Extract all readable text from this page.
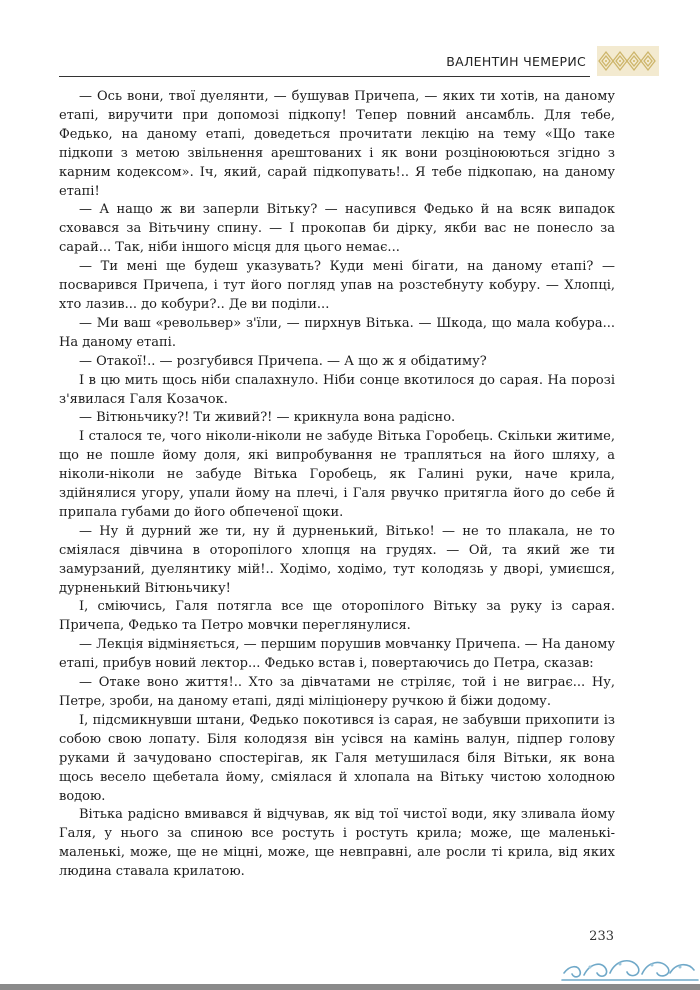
ВАЛЕНТИН ЧЕМЕРИС

— Ось вони, твої дуелянти, — бушував Причепа, — яких ти хотів, на даному етапі, виручити при допомозі підкопу! Тепер повний ансамбль. Для тебе, Федько, на даному етапі, доведеться прочитати лекцію на тему «Що таке підкопи з метою звільнення арештованих і як вони розціноюються згідно з карним кодексом». Іч, який, сарай підкопувать!.. Я тебе підкопаю, на даному етапі!

— А нащо ж ви заперли Вітьку? — насупився Федько й на всяк випадок сховався за Вітьчину спину. — І прокопав би дірку, якби вас не понесло за сарай... Так, ніби іншого місця для цього немає...

— Ти мені ще будеш указувать? Куди мені бігати, на даному етапі? — посварився Причепа, і тут його погляд упав на розстебнуту кобуру. — Хлопці, хто лазив... до кобури?.. Де ви поділи...

— Ми ваш «револьвер» з'їли, — пирхнув Вітька. — Шкода, що мала кобура... На даному етапі.

— Отакої!.. — розгубився Причепа. — А що ж я обідатиму?

І в цю мить щось ніби спалахнуло. Ніби сонце вкотилося до сарая. На порозі з'явилася Галя Козачок.

— Вітюньчику?! Ти живий?! — крикнула вона радісно.

І сталося те, чого ніколи-ніколи не забуде Вітька Горобець. Скільки житиме, що не пошле йому доля, які випробування не трапляться на його шляху, а ніколи-ніколи не забуде Вітька Горобець, як Галині руки, наче крила, здійнялися угору, упали йому на плечі, і Галя рвучко притягла його до себе й припала губами до його обпеченої щоки.

— Ну й дурний же ти, ну й дурненький, Вітько! — не то плакала, не то сміялася дівчина в оторопілого хлопця на грудях. — Ой, та який же ти замурзаний, дуелянтику мій!.. Ходімо, ходімо, тут колодязь у дворі, умиєшся, дурненький Вітюньчику!

І, сміючись, Галя потягла все ще оторопілого Вітьку за руку із сарая. Причепа, Федько та Петро мовчки переглянулися.

— Лекція відміняється, — першим порушив мовчанку Причепа. — На даному етапі, прибув новий лектор... Федько встав і, повертаючись до Петра, сказав:

— Отаке воно життя!.. Хто за дівчатами не стріляє, той і не виграє... Ну, Петре, зроби, на даному етапі, дяді міліціонеру ручкою й біжи додому.

І, підсмикнувши штани, Федько покотився із сарая, не забувши прихопити із собою свою лопату. Біля колодязя він усівся на камінь валун, підпер голову руками й зачудовано спостерігав, як Галя метушилася біля Вітьки, як вона щось весело щебетала йому, сміялася й хлопала на Вітьку чистою холодною водою.

Вітька радісно вмивався й відчував, як від тої чистої води, яку зливала йому Галя, у нього за спиною все ростуть і ростуть крила; може, ще маленькі-маленькі, може, ще не міцні, може, ще невправні, але росли ті крила, від яких людина ставала крилатою.

233
